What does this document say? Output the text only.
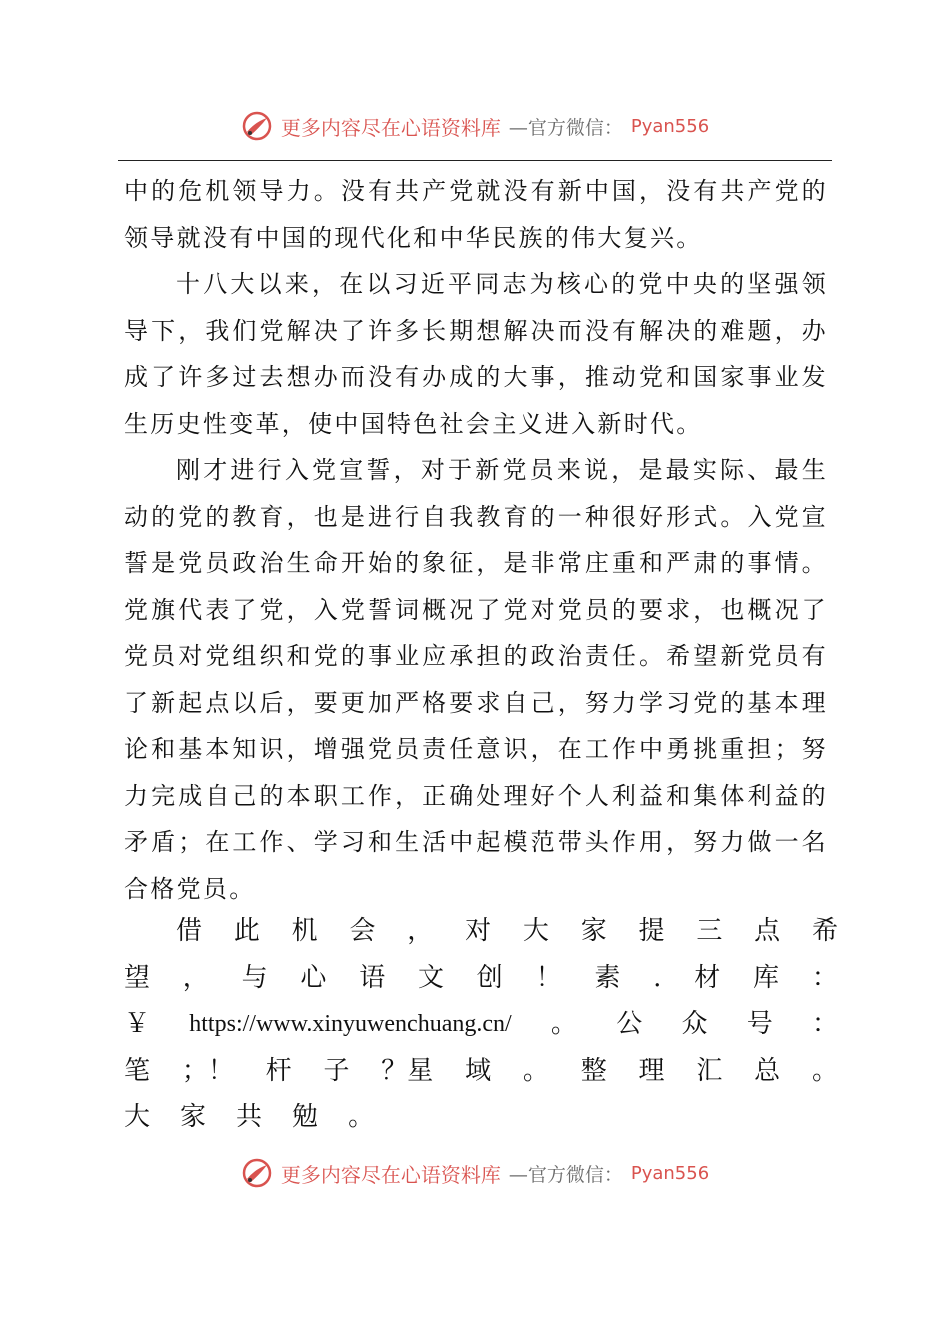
更多内容尽在心语资料库 —官方微信： Pyan556

中的危机领导力。没有共产党就没有新中国，没有共产党的领导就没有中国的现代化和中华民族的伟大复兴。

十八大以来，在以习近平同志为核心的党中央的坚强领导下，我们党解决了许多长期想解决而没有解决的难题，办成了许多过去想办而没有办成的大事，推动党和国家事业发生历史性变革，使中国特色社会主义进入新时代。

刚才进行入党宣誓，对于新党员来说，是最实际、最生动的党的教育，也是进行自我教育的一种很好形式。入党宣誓是党员政治生命开始的象征，是非常庄重和严肃的事情。党旗代表了党，入党誓词概况了党对党员的要求，也概况了党员对党组织和党的事业应承担的政治责任。希望新党员有了新起点以后，要更加严格要求自己，努力学习党的基本理论和基本知识，增强党员责任意识，在工作中勇挑重担；努力完成自己的本职工作，正确处理好个人利益和集体利益的矛盾；在工作、学习和生活中起模范带头作用，努力做一名合格党员。

借 此 机 会 ， 对 大 家 提 三 点 希
望 ， 与 心 语 文 创 ！ 素 . 材 库 ：
￥ https://www.xinyuwenchuang.cn/ 。 公 众 号 ：
笔 ；！ 杆 子 ？星 域 。 整 理 汇 总 。
大 家 共 勉 。
更多内容尽在心语资料库 —官方微信： Pyan556
